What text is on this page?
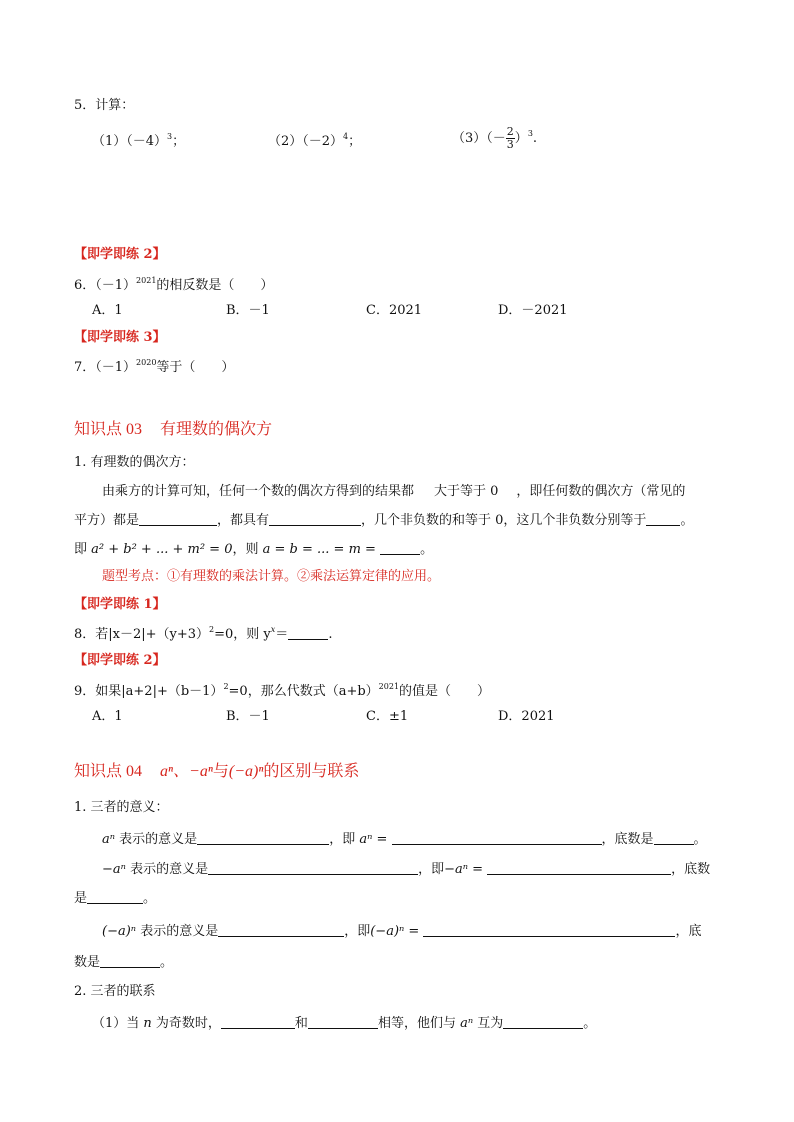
5．计算：
$(1)(-4)^3$；	$(2)(-2)^4$；	$(3)(- \frac{2}{3} )^3$.
【即学即练 2】
6．$(-1)^{2021}$的相反数是（　　）
A．1	B．－1	C．2021	D．－2021
【即学即练 3】
7．$(-1)^{2020}$等于（　　）
知识点 03 有理数的偶次方
1. 有理数的偶次方：
由乘方的计算可知，任何一个数的偶次方得到的结果都 大于等于 0 ，即任何数的偶次方（常见的
平方）都是	，都具有	，几个非负数的和等于 0，这几个非负数分别等于	。
即 a² + b² + ... + m² = 0，则 a = b = ... = m =	。
题型考点：①有理数的乘法计算。②乘法运算定律的应用。
【即学即练 1】
8．若$|x-2|+(y+3)^2=0$，则 $y^x=$	.
【即学即练 2】
9．如果$|a+2|+(b-1)^2=0$，那么代数式$(a+b)^{2021}$的值是（　　）
A．1	B．－1	C．±1	D．2021
知识点 04 aⁿ、−aⁿ与(−a)ⁿ的区别与联系
1. 三者的意义：
aⁿ 表示的意义是	，即 aⁿ =	，底数是	。
−aⁿ 表示的意义是	，即−aⁿ =	，底数
是	。
(−a)ⁿ 表示的意义是	，即(−a)ⁿ =	，底
数是	。
2. 三者的联系
（1）当 n 为奇数时，	和	相等，他们与 aⁿ 互为	。
